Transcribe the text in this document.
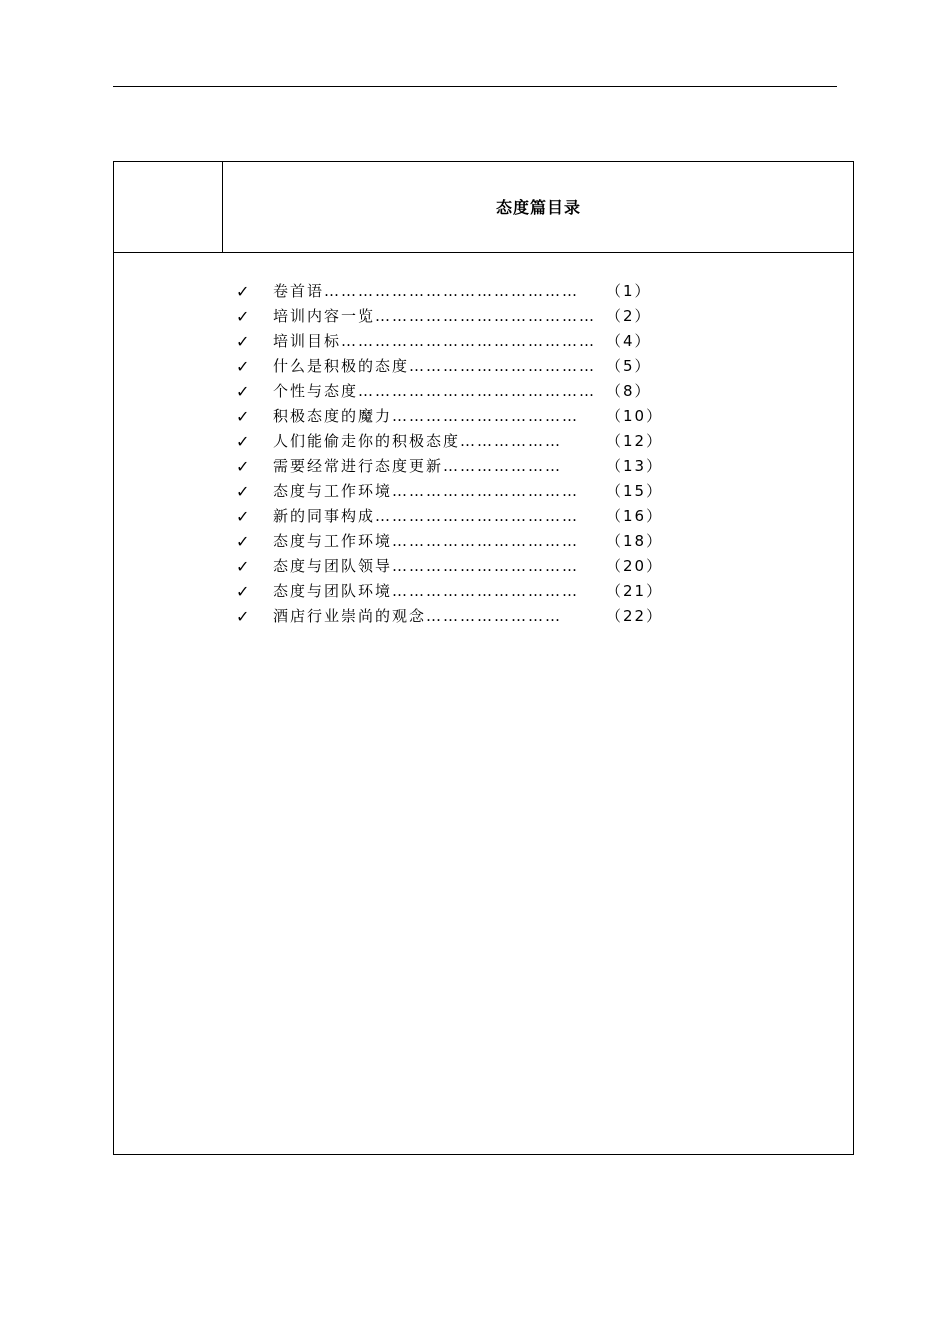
态度篇目录
✓ 卷首语……………………………………… （1）
✓ 培训内容一览………………………………… （2）
✓ 培训目标……………………………………… （4）
✓ 什么是积极的态度…………………………… （5）
✓ 个性与态度…………………………………… （8）
✓ 积极态度的魔力…………………………… （10）
✓ 人们能偷走你的积极态度………………	（12）
✓ 需要经常进行态度更新…………………	（13）
✓ 态度与工作环境…………………………… （15）
✓ 新的同事构成……………………………… （16）
✓ 态度与工作环境…………………………… （18）
✓ 态度与团队领导…………………………… （20）
✓ 态度与团队环境…………………………… （21）
✓ 酒店行业崇尚的观念……………………	（22）
